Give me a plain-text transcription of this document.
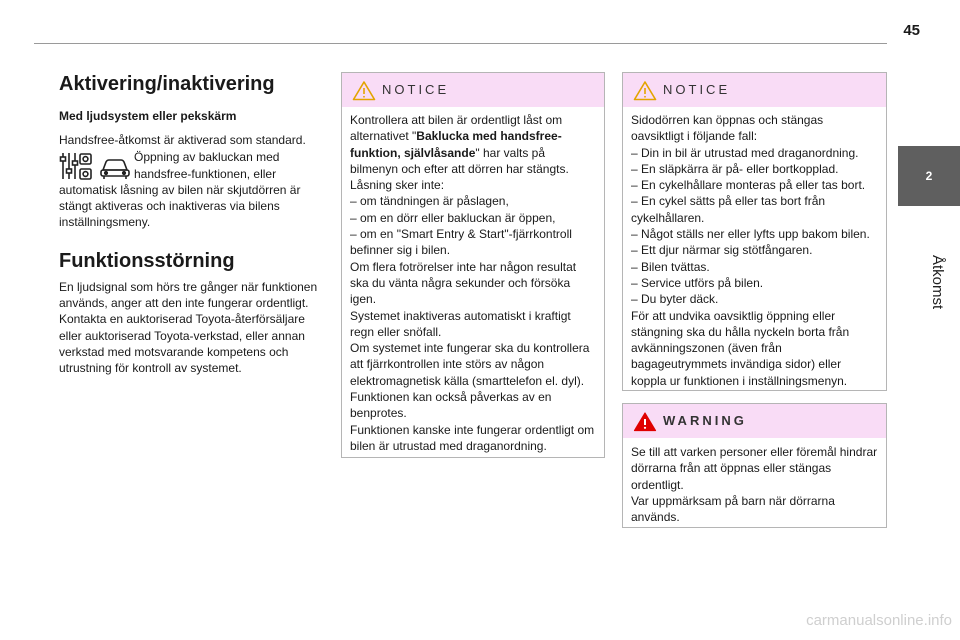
45
2
Åtkomst
Aktivering/inaktivering
Med ljudsystem eller pekskärm

Handsfree-åtkomst är aktiverad som standard.

Öppning av bakluckan med

handsfree-funktionen, eller

automatisk låsning av bilen när skjutdörren är stängt aktiveras och inaktiveras via bilens inställningsmeny.

Funktionsstörning

En ljudsignal som hörs tre gånger när funktionen används, anger att den inte fungerar ordentligt. Kontakta en auktoriserad Toyota-återförsäljare eller auktoriserad Toyota-verkstad, eller annan verkstad med motsvarande kompetens och utrustning för kontroll av systemet.

NOTICE

Kontrollera att bilen är ordentligt låst om alternativet "Baklucka med handsfree-funktion, självlåsande" har valts på bilmenyn och efter att dörren har stängts.

Låsning sker inte:

– om tändningen är påslagen,

– om en dörr eller bakluckan är öppen,

– om en "Smart Entry & Start"-fjärrkontroll befinner sig i bilen.

Om flera fotrörelser inte har någon resultat ska du vänta några sekunder och försöka igen.

Systemet inaktiveras automatiskt i kraftigt regn eller snöfall.

Om systemet inte fungerar ska du kontrollera att fjärrkontrollen inte störs av någon elektromagnetisk källa (smarttelefon el. dyl).

Funktionen kan också påverkas av en benprotes.

Funktionen kanske inte fungerar ordentligt om bilen är utrustad med draganordning.

NOTICE

Sidodörren kan öppnas och stängas oavsiktligt i följande fall:

– Din in bil är utrustad med draganordning.

– En släpkärra är på- eller bortkopplad.

– En cykelhållare monteras på eller tas bort.

– En cykel sätts på eller tas bort från cykelhållaren.

– Något ställs ner eller lyfts upp bakom bilen.

– Ett djur närmar sig stötfångaren.

– Bilen tvättas.

– Service utförs på bilen.

– Du byter däck.

För att undvika oavsiktlig öppning eller stängning ska du hålla nyckeln borta från avkänningszonen (även från bagageutrymmets invändiga sidor) eller koppla ur funktionen i inställningsmenyn.

WARNING

Se till att varken personer eller föremål hindrar dörrarna från att öppnas eller stängas ordentligt.

Var uppmärksam på barn när dörrarna används.

carmanualsonline.info
